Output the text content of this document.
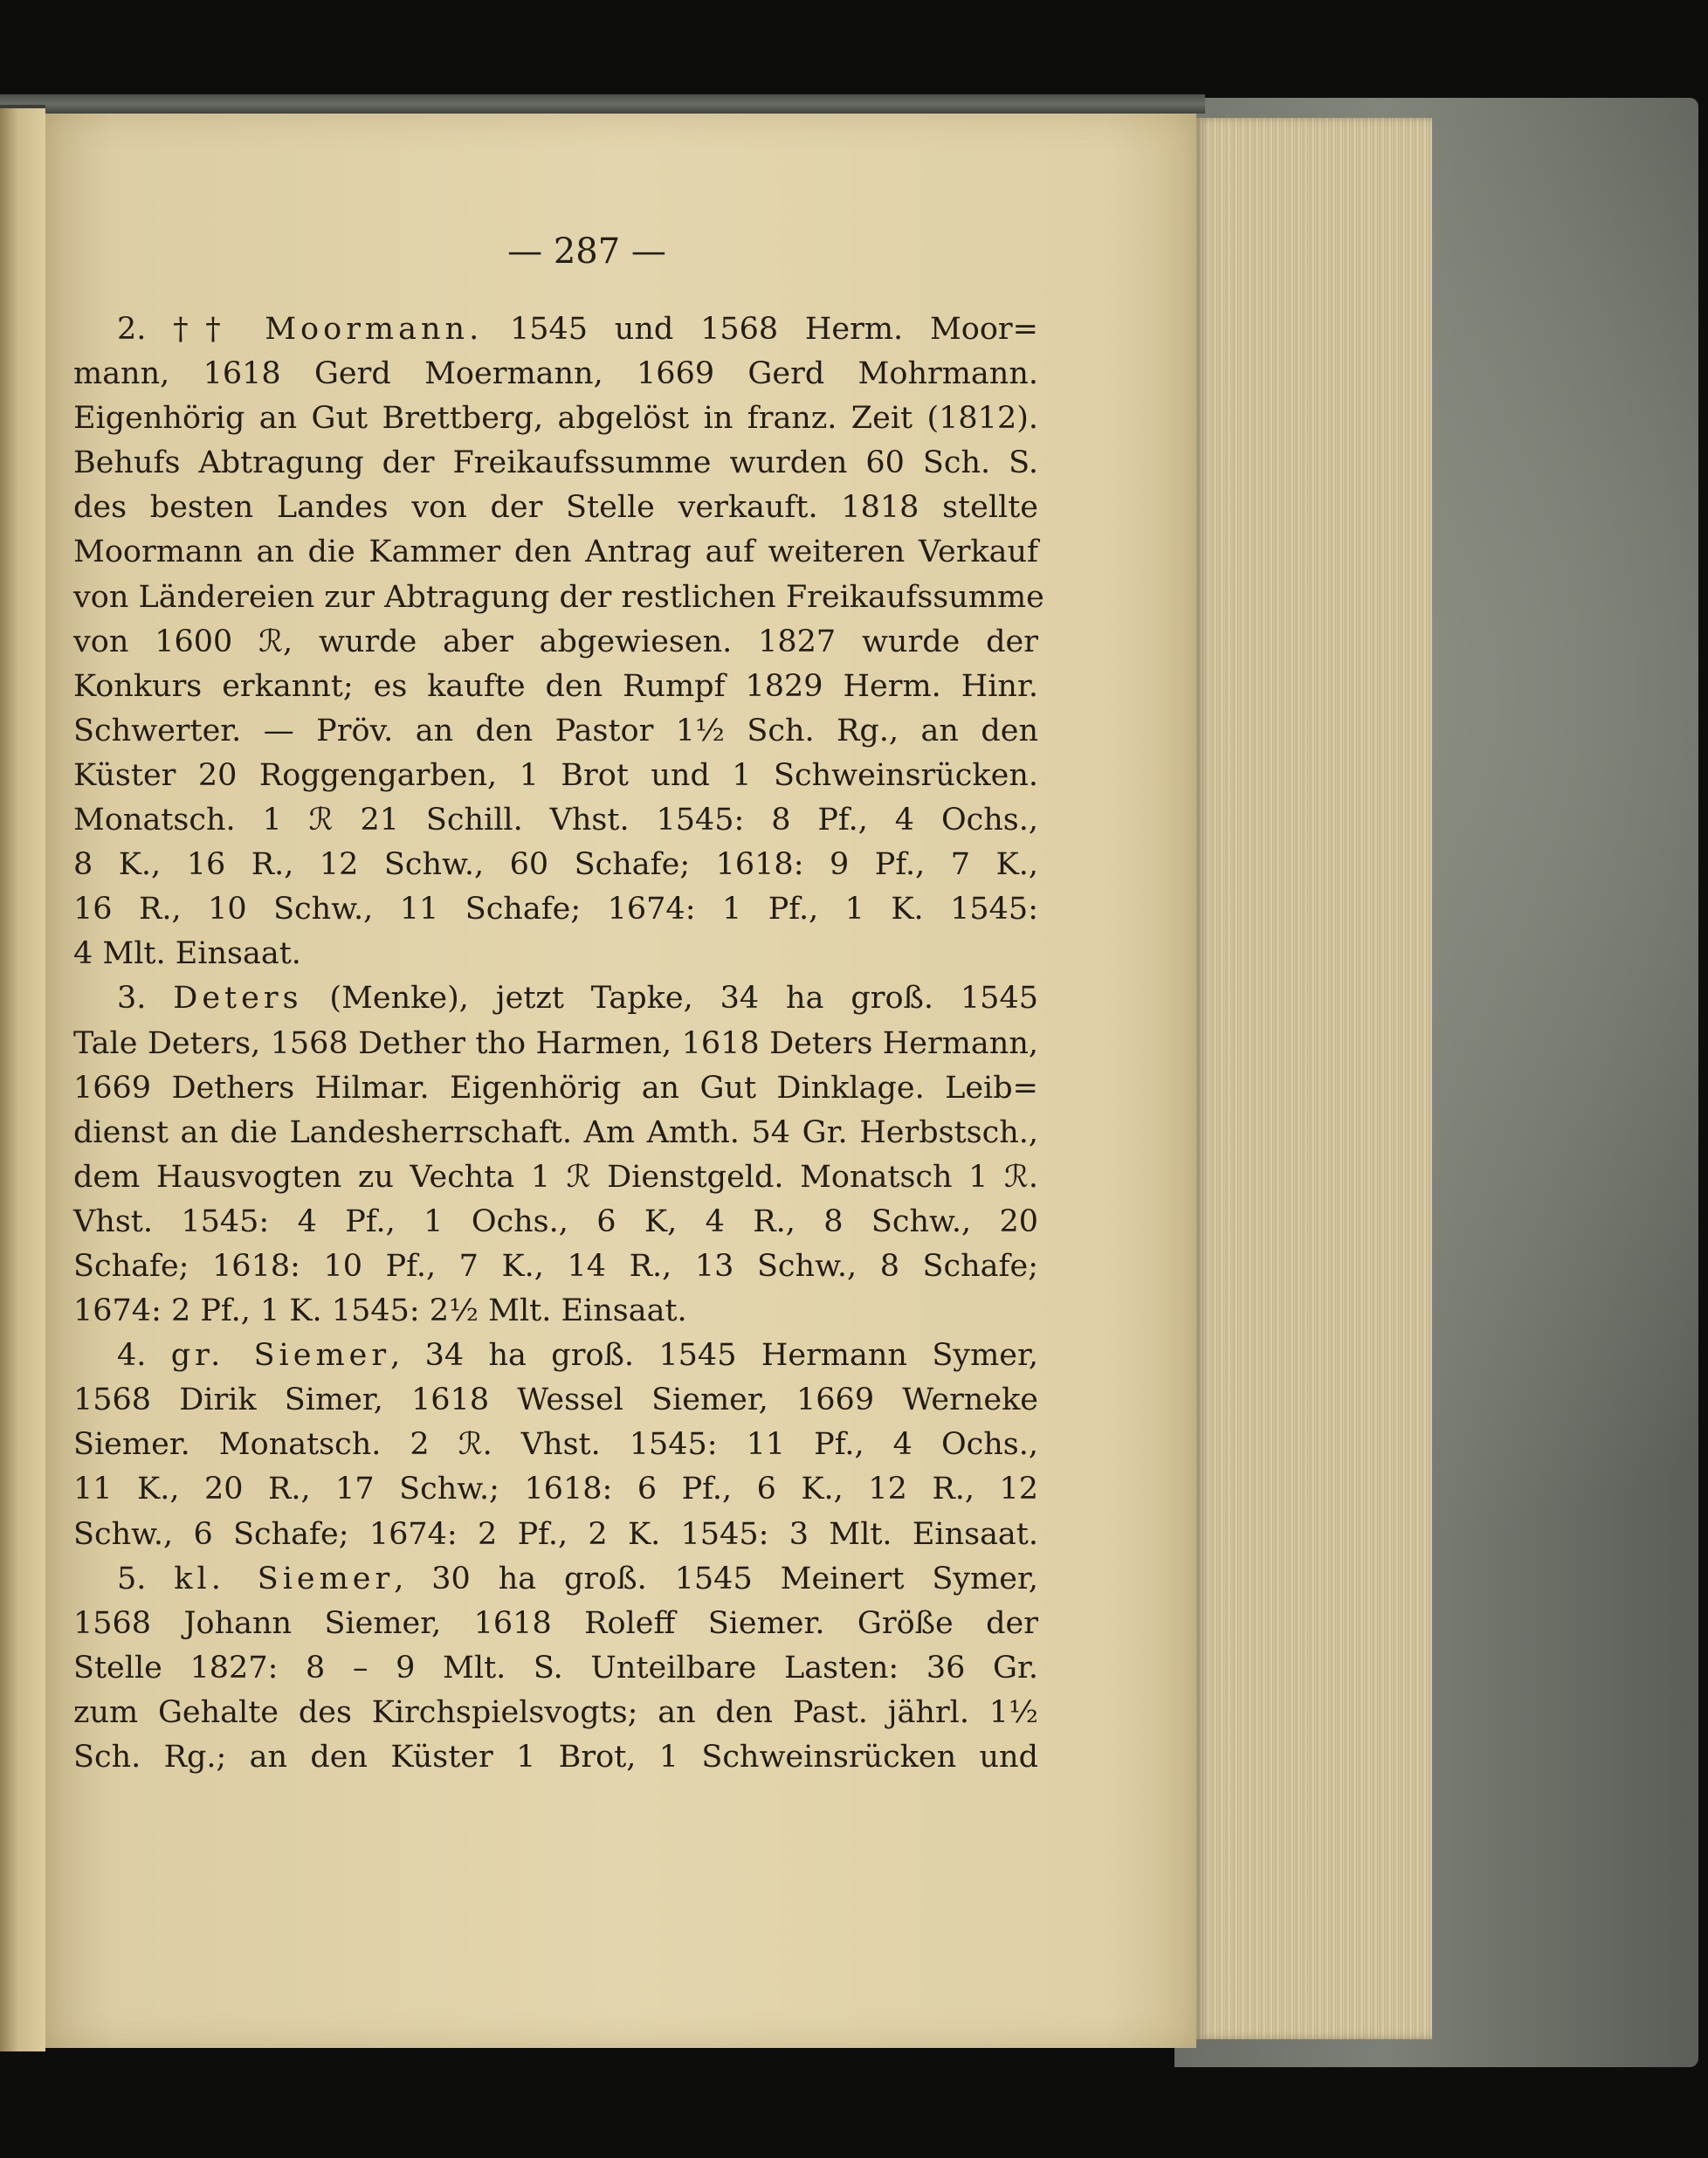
— 287 —
2. †† Moormann. 1545 und 1568 Herm. Moor=
mann, 1618 Gerd Moermann, 1669 Gerd Mohrmann.
Eigenhörig an Gut Brettberg, abgelöst in franz. Zeit (1812).
Behufs Abtragung der Freikaufssumme wurden 60 Sch. S.
des besten Landes von der Stelle verkauft. 1818 stellte
Moormann an die Kammer den Antrag auf weiteren Verkauf
von Ländereien zur Abtragung der restlichen Freikaufssumme
von 1600 ℛ, wurde aber abgewiesen. 1827 wurde der
Konkurs erkannt; es kaufte den Rumpf 1829 Herm. Hinr.
Schwerter. — Pröv. an den Pastor 1½ Sch. Rg., an den
Küster 20 Roggengarben, 1 Brot und 1 Schweinsrücken.
Monatsch. 1 ℛ 21 Schill. Vhst. 1545: 8 Pf., 4 Ochs.,
8 K., 16 R., 12 Schw., 60 Schafe; 1618: 9 Pf., 7 K.,
16 R., 10 Schw., 11 Schafe; 1674: 1 Pf., 1 K. 1545:
4 Mlt. Einsaat.
3. Deters (Menke), jetzt Tapke, 34 ha groß. 1545
Tale Deters, 1568 Dether tho Harmen, 1618 Deters Hermann,
1669 Dethers Hilmar. Eigenhörig an Gut Dinklage. Leib=
dienst an die Landesherrschaft. Am Amth. 54 Gr. Herbstsch.,
dem Hausvogten zu Vechta 1 ℛ Dienstgeld. Monatsch 1 ℛ.
Vhst. 1545: 4 Pf., 1 Ochs., 6 K, 4 R., 8 Schw., 20
Schafe; 1618: 10 Pf., 7 K., 14 R., 13 Schw., 8 Schafe;
1674: 2 Pf., 1 K. 1545: 2½ Mlt. Einsaat.
4. gr. Siemer, 34 ha groß. 1545 Hermann Symer,
1568 Dirik Simer, 1618 Wessel Siemer, 1669 Werneke
Siemer. Monatsch. 2 ℛ. Vhst. 1545: 11 Pf., 4 Ochs.,
11 K., 20 R., 17 Schw.; 1618: 6 Pf., 6 K., 12 R., 12
Schw., 6 Schafe; 1674: 2 Pf., 2 K. 1545: 3 Mlt. Einsaat.
5. kl. Siemer, 30 ha groß. 1545 Meinert Symer,
1568 Johann Siemer, 1618 Roleff Siemer. Größe der
Stelle 1827: 8 – 9 Mlt. S. Unteilbare Lasten: 36 Gr.
zum Gehalte des Kirchspielsvogts; an den Past. jährl. 1½
Sch. Rg.; an den Küster 1 Brot, 1 Schweinsrücken und
